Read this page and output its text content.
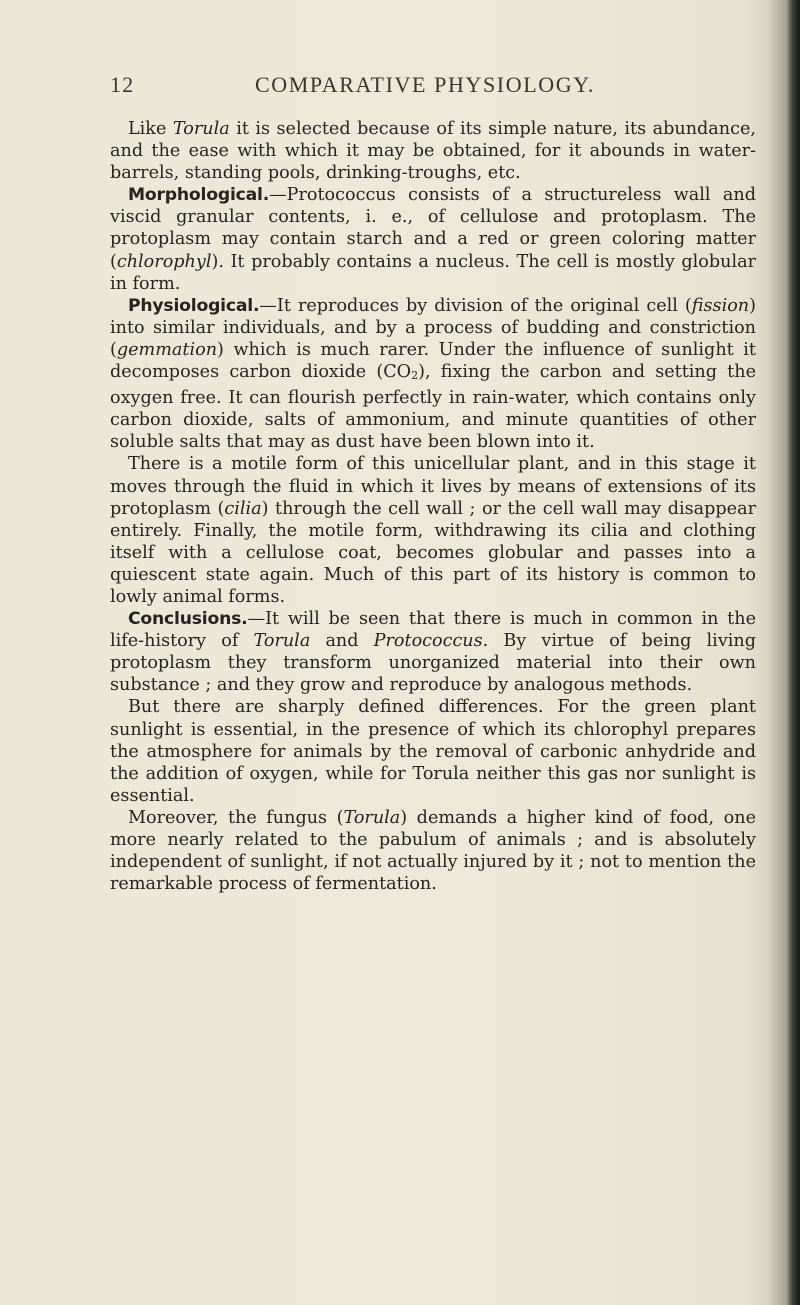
12	COMPARATIVE PHYSIOLOGY.

Like Torula it is selected because of its simple nature, its abundance, and the ease with which it may be obtained, for it abounds in water-barrels, standing pools, drinking-troughs, etc.

Morphological.—Protococcus consists of a structureless wall and viscid granular contents, i. e., of cellulose and protoplasm. The protoplasm may contain starch and a red or green coloring matter (chlorophyl). It probably contains a nucleus. The cell is mostly globular in form.

Physiological.—It reproduces by division of the original cell (fission) into similar individuals, and by a process of budding and constriction (gemmation) which is much rarer. Under the influence of sunlight it decomposes carbon dioxide (CO2), fixing the carbon and setting the oxygen free. It can flourish perfectly in rain-water, which contains only carbon dioxide, salts of ammonium, and minute quantities of other soluble salts that may as dust have been blown into it.

There is a motile form of this unicellular plant, and in this stage it moves through the fluid in which it lives by means of extensions of its protoplasm (cilia) through the cell wall ; or the cell wall may disappear entirely. Finally, the motile form, withdrawing its cilia and clothing itself with a cellulose coat, becomes globular and passes into a quiescent state again. Much of this part of its history is common to lowly animal forms.

Conclusions.—It will be seen that there is much in common in the life-history of Torula and Protococcus. By virtue of being living protoplasm they transform unorganized material into their own substance ; and they grow and reproduce by analogous methods.

But there are sharply defined differences. For the green plant sunlight is essential, in the presence of which its chlorophyl prepares the atmosphere for animals by the removal of carbonic anhydride and the addition of oxygen, while for Torula neither this gas nor sunlight is essential.

Moreover, the fungus (Torula) demands a higher kind of food, one more nearly related to the pabulum of animals ; and is absolutely independent of sunlight, if not actually injured by it ; not to mention the remarkable process of fermentation.
